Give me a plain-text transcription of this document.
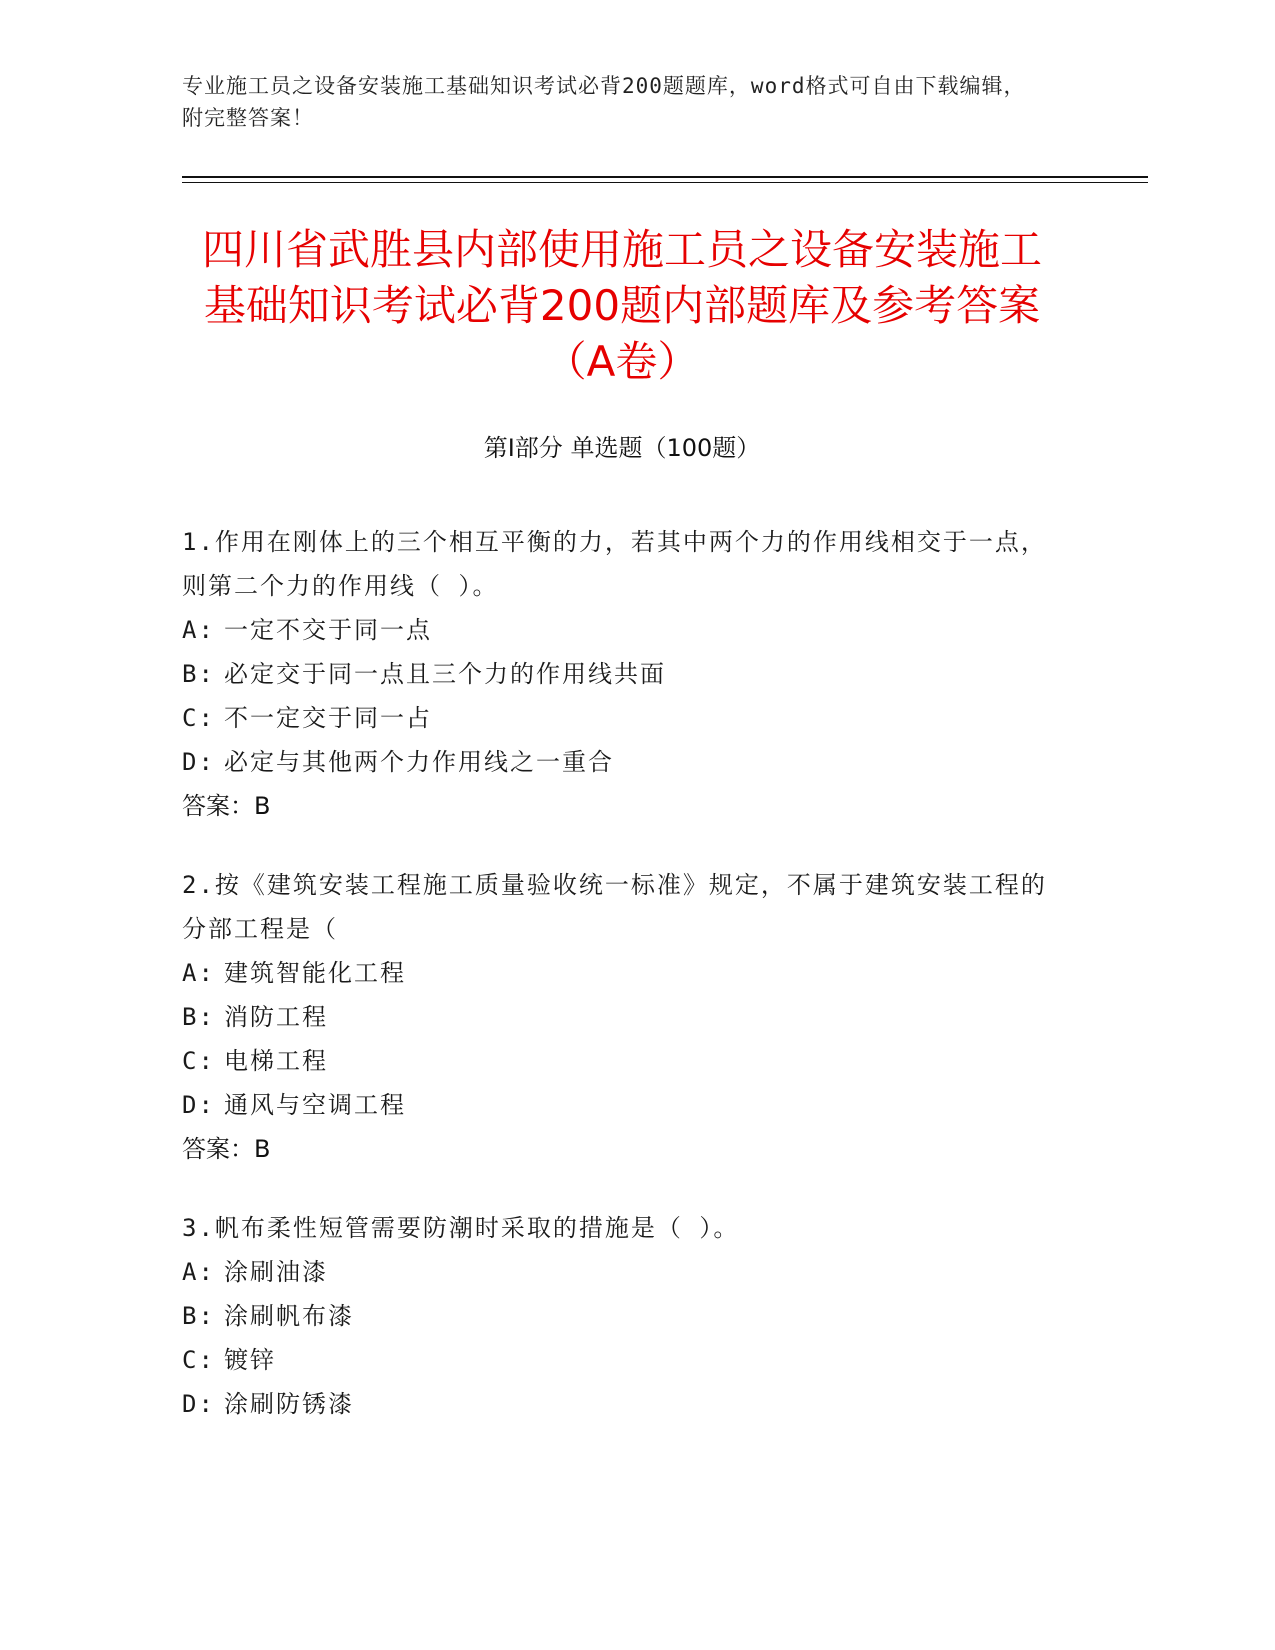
专业施工员之设备安装施工基础知识考试必背200题题库，word格式可自由下载编辑，附完整答案！
四川省武胜县内部使用施工员之设备安装施工基础知识考试必背200题内部题库及参考答案（A卷）
第Ⅰ部分 单选题（100题）
1.作用在刚体上的三个相互平衡的力，若其中两个力的作用线相交于一点，则第二个力的作用线（ ）。
A: 一定不交于同一点
B: 必定交于同一点且三个力的作用线共面
C: 不一定交于同一占
D: 必定与其他两个力作用线之一重合
答案：B
2.按《建筑安装工程施工质量验收统一标准》规定，不属于建筑安装工程的分部工程是（
A: 建筑智能化工程
B: 消防工程
C: 电梯工程
D: 通风与空调工程
答案：B
3.帆布柔性短管需要防潮时采取的措施是（ ）。
A: 涂刷油漆
B: 涂刷帆布漆
C: 镀锌
D: 涂刷防锈漆
